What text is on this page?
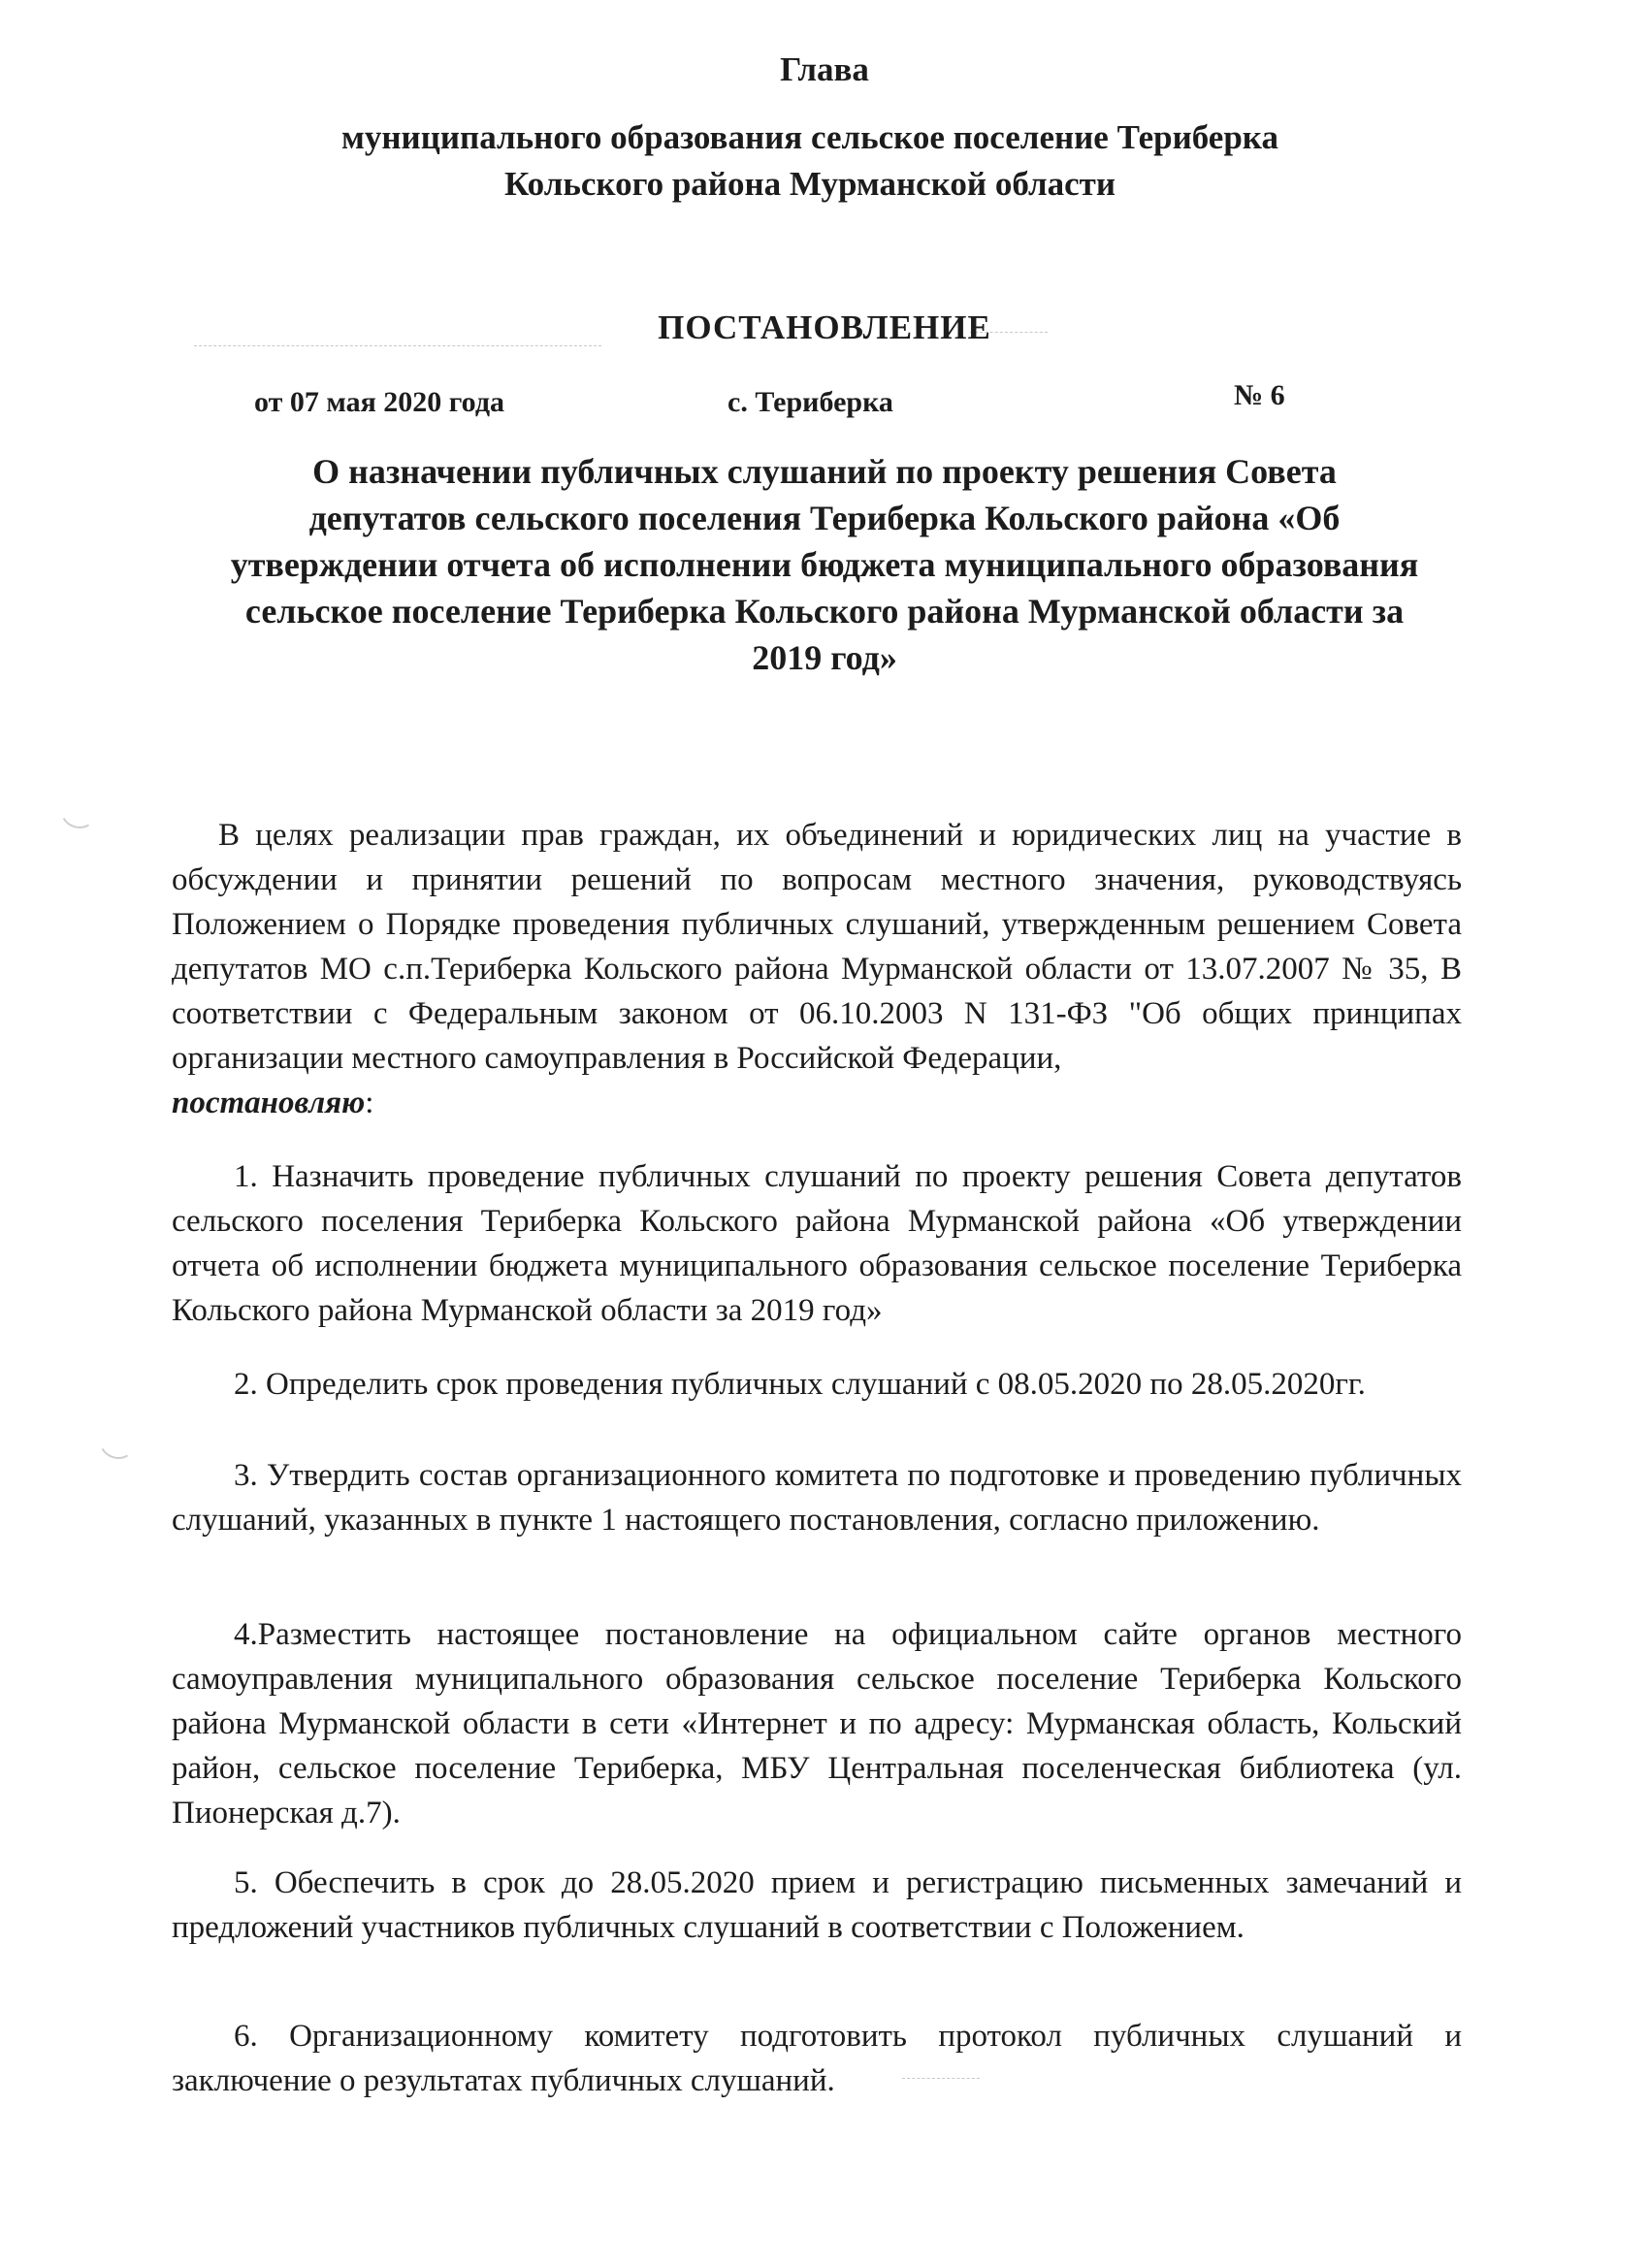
Глава
муниципального образования сельское поселение Териберка
Кольского района Мурманской области
ПОСТАНОВЛЕНИЕ
от 07 мая 2020 года	с. Териберка	№ 6
О назначении публичных слушаний по проекту решения Совета
депутатов сельского поселения Териберка Кольского района «Об
утверждении отчета об исполнении бюджета муниципального образования
сельское поселение Териберка Кольского района Мурманской области за
2019 год»
В целях реализации прав граждан, их объединений и юридических лиц на участие в обсуждении и принятии решений по вопросам местного значения, руководствуясь Положением о Порядке проведения публичных слушаний, утвержденным решением Совета депутатов МО с.п.Териберка Кольского района Мурманской области от 13.07.2007 № 35, В соответствии с Федеральным законом от 06.10.2003 N 131-ФЗ "Об общих принципах организации местного самоуправления в Российской Федерации,
постановляю:
1. Назначить проведение публичных слушаний по проекту решения Совета депутатов сельского поселения Териберка Кольского района Мурманской района «Об утверждении отчета об исполнении бюджета муниципального образования сельское поселение Териберка Кольского района Мурманской области за 2019 год»
2. Определить срок проведения публичных слушаний с 08.05.2020 по 28.05.2020гг.
3. Утвердить состав организационного комитета по подготовке и проведению публичных слушаний, указанных в пункте 1 настоящего постановления, согласно приложению.
4.Разместить настоящее постановление на официальном сайте органов местного самоуправления муниципального образования сельское поселение Териберка Кольского района Мурманской области в сети «Интернет и по адресу: Мурманская область, Кольский район, сельское поселение Териберка, МБУ Центральная поселенческая библиотека (ул. Пионерская д.7).
5. Обеспечить в срок до 28.05.2020 прием и регистрацию письменных замечаний и предложений участников публичных слушаний в соответствии с Положением.
6. Организационному комитету подготовить протокол публичных слушаний и заключение о результатах публичных слушаний.
